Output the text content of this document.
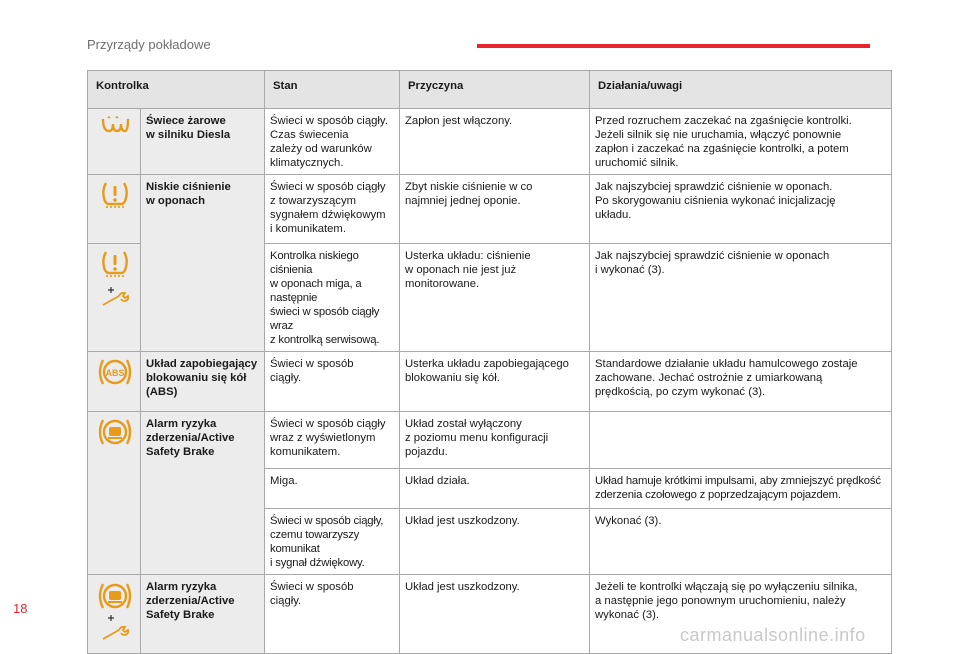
Przyrządy pokładowe
Kontrolka		Stan	Przyczyna	Działania/uwagi
	Świece żarowe
w silniku Diesla	Świeci w sposób ciągły.
Czas świecenia
zależy od warunków
klimatycznych.	Zapłon jest włączony.	Przed rozruchem zaczekać na zgaśnięcie kontrolki.
Jeżeli silnik się nie uruchamia, włączyć ponownie
zapłon i zaczekać na zgaśnięcie kontrolki, a potem
uruchomić silnik.
	Niskie ciśnienie
w oponach	Świeci w sposób ciągły
z towarzyszącym
sygnałem dźwiękowym
i komunikatem.	Zbyt niskie ciśnienie w co
najmniej jednej oponie.	Jak najszybciej sprawdzić ciśnienie w oponach.
Po skorygowaniu ciśnienia wykonać inicjalizację
układu.
	Kontrolka niskiego ciśnienia
w oponach miga, a następnie
świeci w sposób ciągły wraz
z kontrolką serwisową.	Usterka układu: ciśnienie
w oponach nie jest już
monitorowane.	Jak najszybciej sprawdzić ciśnienie w oponach
i wykonać (3).

ABS	Układ zapobiegający
blokowaniu się kół
(ABS)	Świeci w sposób
ciągły.	Usterka układu zapobiegającego
blokowaniu się kół.	Standardowe działanie układu hamulcowego zostaje
zachowane. Jechać ostrożnie z umiarkowaną
prędkością, po czym wykonać (3).
	Alarm ryzyka
zderzenia/Active
Safety Brake	Świeci w sposób ciągły
wraz z wyświetlonym
komunikatem.	Układ został wyłączony
z poziomu menu konfiguracji
pojazdu.	
		Miga.	Układ działa.	Układ hamuje krótkimi impulsami, aby zmniejszyć prędkość
zderzenia czołowego z poprzedzającym pojazdem.
		Świeci w sposób ciągły,
czemu towarzyszy komunikat
i sygnał dźwiękowy.	Układ jest uszkodzony.	Wykonać (3).
	Alarm ryzyka
zderzenia/Active
Safety Brake	Świeci w sposób
ciągły.	Układ jest uszkodzony.	Jeżeli te kontrolki włączają się po wyłączeniu silnika,
a następnie jego ponownym uruchomieniu, należy
wykonać (3).
18
carmanualsonline.info
